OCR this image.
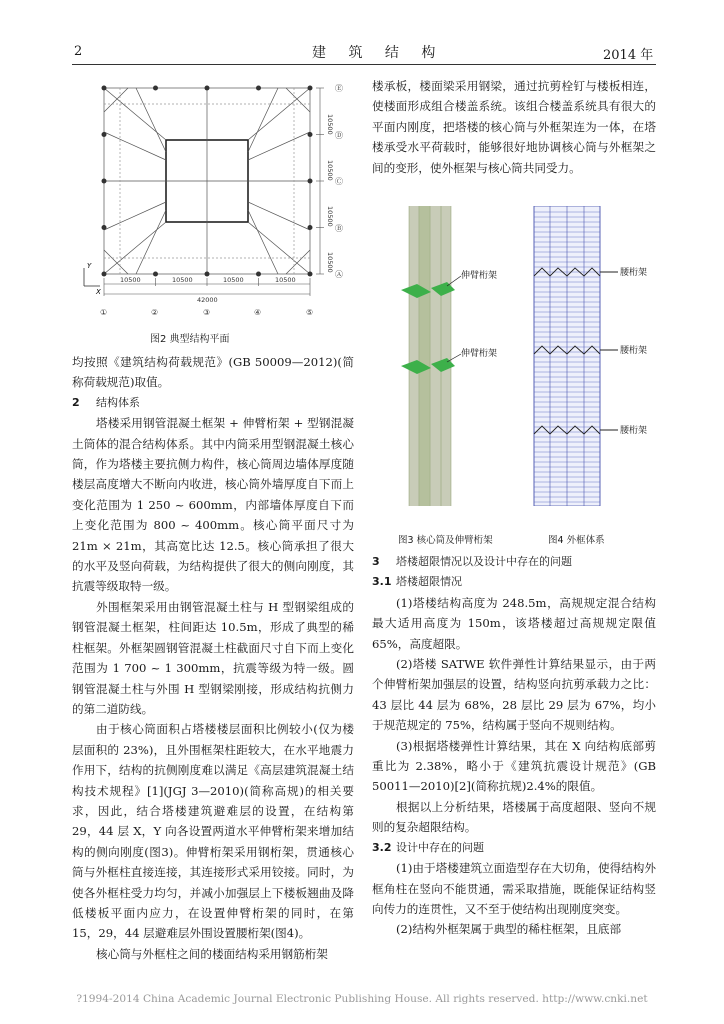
2	建 筑 结 构	2014 年
10500	10500	10500	10500
42000
10500
10500
10500
10500
①	②	③	④	⑤
Ⓔ
Ⓓ
Ⓒ
Ⓑ
Ⓐ
Y
X
图2 典型结构平面

均按照《建筑结构荷载规范》(GB 50009—2012)(简称荷载规范)取值。

2 结构体系

塔楼采用钢管混凝土框架 + 伸臂桁架 + 型钢混凝土筒体的混合结构体系。其中内筒采用型钢混凝土核心筒，作为塔楼主要抗侧力构件，核心筒周边墙体厚度随楼层高度增大不断向内收进，核心筒外墙厚度自下而上变化范围为 1 250 ~ 600mm，内部墙体厚度自下而上变化范围为 800 ~ 400mm。核心筒平面尺寸为 21m × 21m，其高宽比达 12.5。核心筒承担了很大的水平及竖向荷载，为结构提供了很大的侧向刚度，其抗震等级取特一级。

外围框架采用由钢管混凝土柱与 H 型钢梁组成的钢管混凝土框架，柱间距达 10.5m，形成了典型的稀柱框架。外框架圆钢管混凝土柱截面尺寸自下而上变化范围为 1 700 ~ 1 300mm，抗震等级为特一级。圆钢管混凝土柱与外围 H 型钢梁刚接，形成结构抗侧力的第二道防线。

由于核心筒面积占塔楼楼层面积比例较小(仅为楼层面积的 23%)，且外围框架柱距较大，在水平地震力作用下，结构的抗侧刚度难以满足《高层建筑混凝土结构技术规程》[1](JGJ 3—2010)(简称高规)的相关要求，因此，结合塔楼建筑避难层的设置，在结构第 29，44 层 X，Y 向各设置两道水平伸臂桁架来增加结构的侧向刚度(图3)。伸臂桁架采用钢桁架，贯通核心筒与外框柱直接连接，其连接形式采用铰接。同时，为使各外框柱受力均匀，并减小加强层上下楼板翘曲及降低楼板平面内应力，在设置伸臂桁架的同时，在第 15，29，44 层避难层外围设置腰桁架(图4)。

核心筒与外框柱之间的楼面结构采用钢筋桁架

楼承板，楼面梁采用钢梁，通过抗剪栓钉与楼板相连，使楼面形成组合楼盖系统。该组合楼盖系统具有很大的平面内刚度，把塔楼的核心筒与外框架连为一体，在塔楼承受水平荷载时，能够很好地协调核心筒与外框架之间的变形，使外框架与核心筒共同受力。

伸臂桁架
伸臂桁架
腰桁架
腰桁架
腰桁架
图3 核心筒及伸臂桁架	图4 外框体系
3 塔楼超限情况以及设计中存在的问题
3.1 塔楼超限情况

(1)塔楼结构高度为 248.5m，高规规定混合结构最大适用高度为 150m，该塔楼超过高规规定限值 65%，高度超限。

(2)塔楼 SATWE 软件弹性计算结果显示，由于两个伸臂桁架加强层的设置，结构竖向抗剪承载力之比：43 层比 44 层为 68%，28 层比 29 层为 67%，均小于规范规定的 75%，结构属于竖向不规则结构。

(3)根据塔楼弹性计算结果，其在 X 向结构底部剪重比为 2.38%，略小于《建筑抗震设计规范》(GB 50011—2010)[2](简称抗规)2.4%的限值。

根据以上分析结果，塔楼属于高度超限、竖向不规则的复杂超限结构。

3.2 设计中存在的问题

(1)由于塔楼建筑立面造型存在大切角，使得结构外框角柱在竖向不能贯通，需采取措施，既能保证结构竖向传力的连贯性，又不至于使结构出现刚度突变。

(2)结构外框架属于典型的稀柱框架，且底部

?1994-2014 China Academic Journal Electronic Publishing House. All rights reserved. http://www.cnki.net
